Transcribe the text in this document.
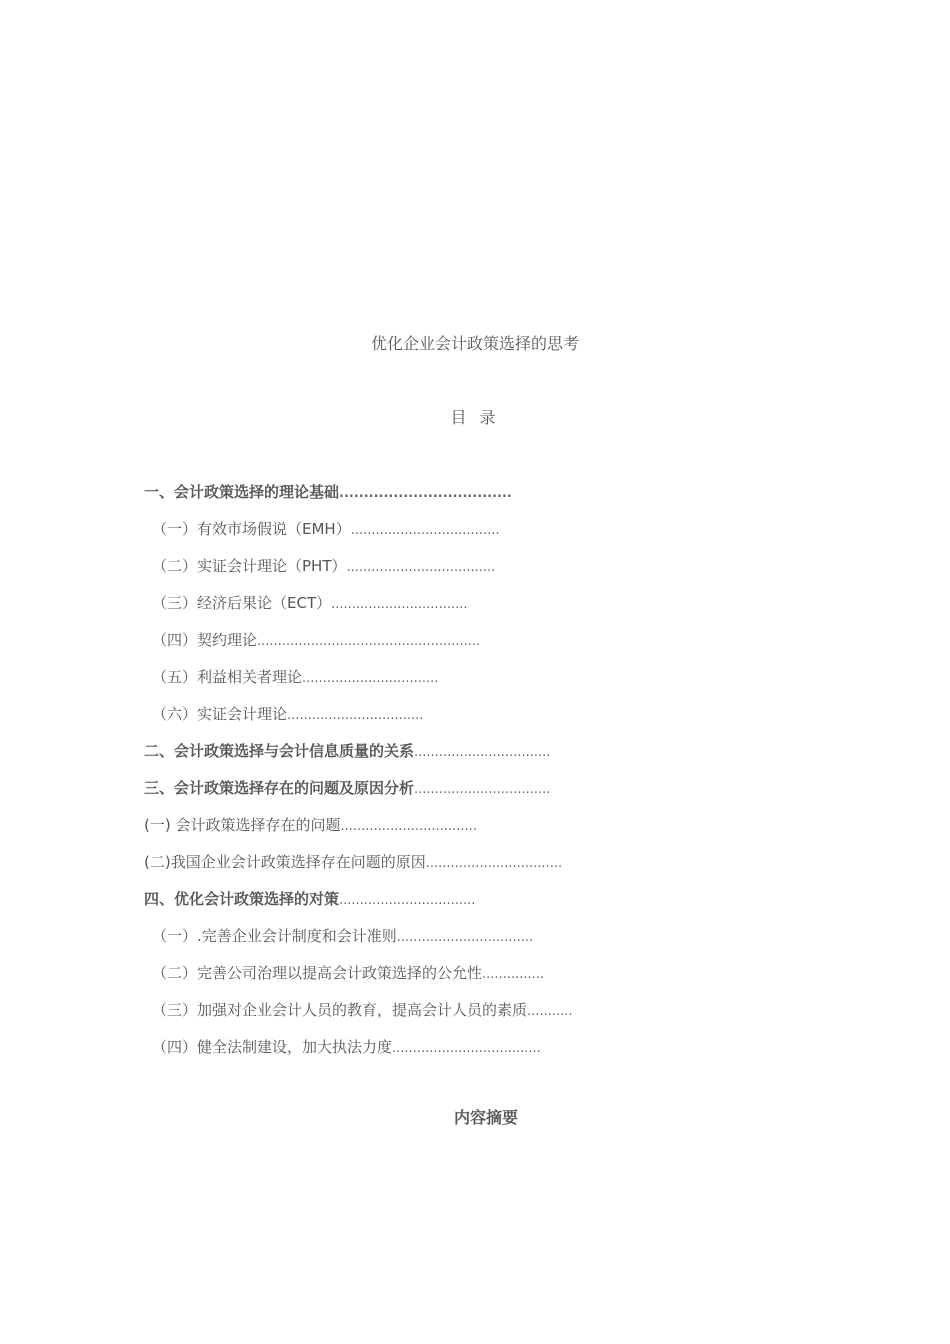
优化企业会计政策选择的思考
目 录
一、会计政策选择的理论基础...................................
（一）有效市场假说（EMH）....................................
（二）实证会计理论（PHT）....................................
（三）经济后果论（ECT）.................................
（四）契约理论......................................................
（五）利益相关者理论.................................
（六）实证会计理论.................................
二、会计政策选择与会计信息质量的关系.................................
三、会计政策选择存在的问题及原因分析.................................
(一) 会计政策选择存在的问题.................................
(二)我国企业会计政策选择存在问题的原因.................................
四、优化会计政策选择的对策.................................
（一）.完善企业会计制度和会计准则.................................
（二）完善公司治理以提高会计政策选择的公允性...............
（三）加强对企业会计人员的教育，提高会计人员的素质...........
（四）健全法制建设，加大执法力度....................................
内容摘要
